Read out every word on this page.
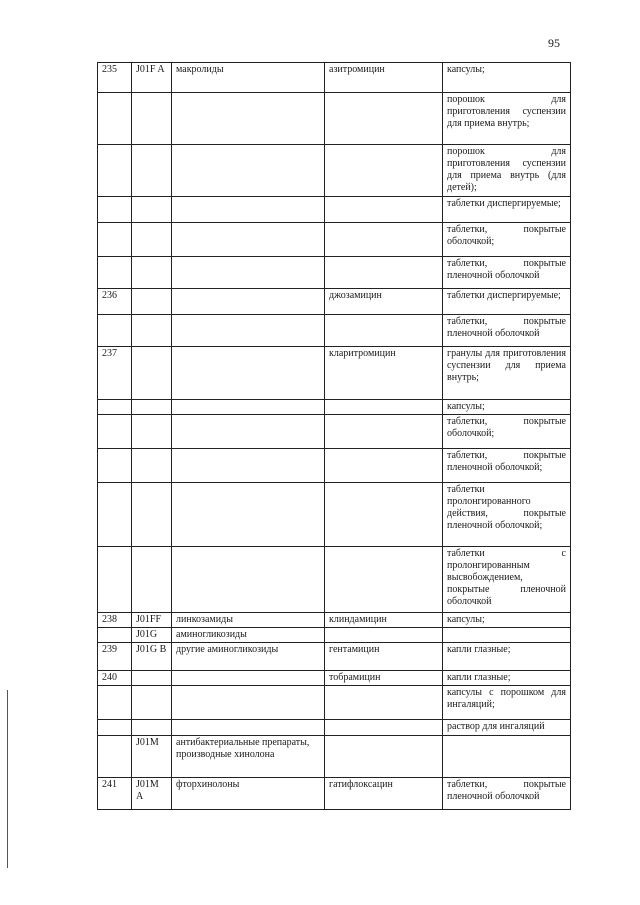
95
235	J01F A	макролиды	азитромицин	капсулы;
				порошок для приготовления суспензии для приема внутрь;
				порошок для приготовления суспензии для приема внутрь (для детей);
				таблетки диспергируемые;
				таблетки, покрытые оболочкой;
				таблетки, покрытые пленочной оболочкой
236			джозамицин	таблетки диспергируемые;
				таблетки, покрытые пленочной оболочкой
237			кларитромицин	гранулы для приготовления суспензии для приема внутрь;
				капсулы;
				таблетки, покрытые оболочкой;
				таблетки, покрытые пленочной оболочкой;
				таблетки пролонгированного действия, покрытые пленочной оболочкой;
				таблетки с пролонгированным высвобождением, покрытые пленочной оболочкой
238	J01FF	линкозамиды	клиндамицин	капсулы;
	J01G	аминогликозиды		
239	J01G B	другие аминогликозиды	гентамицин	капли глазные;
240			тобрамицин	капли глазные;
				капсулы с порошком для ингаляций;
				раствор для ингаляций
	J01M	антибактериальные препараты, производные хинолона		
241	J01M A	фторхинолоны	гатифлоксацин	таблетки, покрытые пленочной оболочкой
